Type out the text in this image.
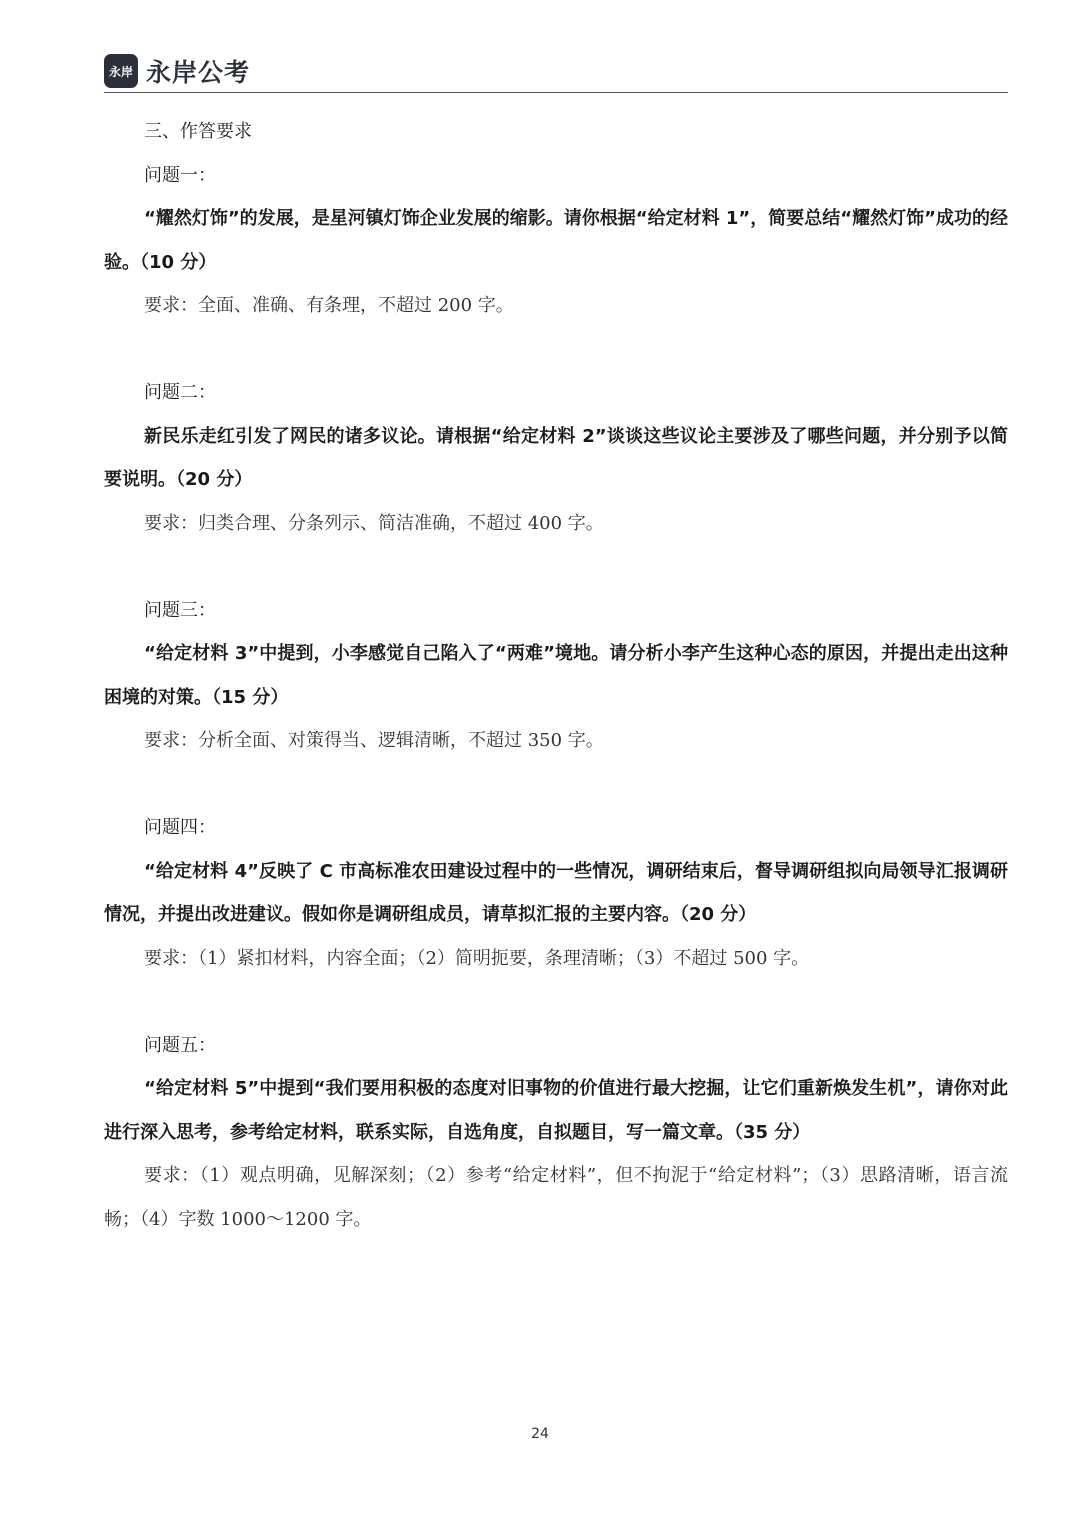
永岸 永岸公考
三、作答要求
问题一：
“耀然灯饰”的发展，是星河镇灯饰企业发展的缩影。请你根据“给定材料 1”，简要总结“耀然灯饰”成功的经验。（10 分）
要求：全面、准确、有条理，不超过 200 字。
问题二：
新民乐走红引发了网民的诸多议论。请根据“给定材料 2”谈谈这些议论主要涉及了哪些问题，并分别予以简要说明。（20 分）
要求：归类合理、分条列示、简洁准确，不超过 400 字。
问题三：
“给定材料 3”中提到，小李感觉自己陷入了“两难”境地。请分析小李产生这种心态的原因，并提出走出这种困境的对策。（15 分）
要求：分析全面、对策得当、逻辑清晰，不超过 350 字。
问题四：
“给定材料 4”反映了 C 市高标准农田建设过程中的一些情况，调研结束后，督导调研组拟向局领导汇报调研情况，并提出改进建议。假如你是调研组成员，请草拟汇报的主要内容。（20 分）
要求：（1）紧扣材料，内容全面；（2）简明扼要，条理清晰；（3）不超过 500 字。
问题五：
“给定材料 5”中提到“我们要用积极的态度对旧事物的价值进行最大挖掘，让它们重新焕发生机”，请你对此进行深入思考，参考给定材料，联系实际，自选角度，自拟题目，写一篇文章。（35 分）
要求：（1）观点明确，见解深刻；（2）参考“给定材料”，但不拘泥于“给定材料”；（3）思路清晰，语言流畅；（4）字数 1000～1200 字。
24
